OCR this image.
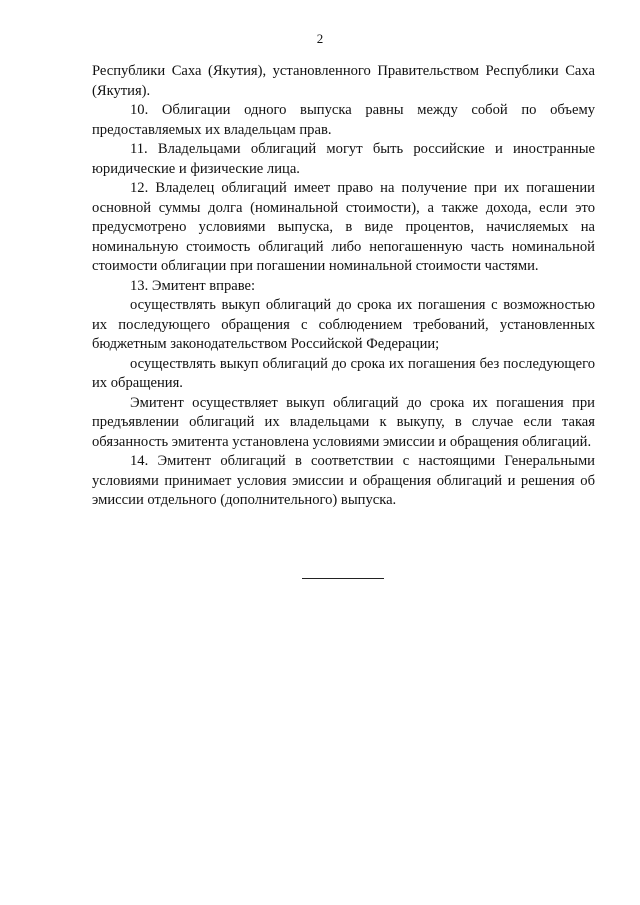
2

Республики Саха (Якутия), установленного Правительством Республики Саха (Якутия).

10. Облигации одного выпуска равны между собой по объему предоставляемых их владельцам прав.

11. Владельцами облигаций могут быть российские и иностранные юридические и физические лица.

12. Владелец облигаций имеет право на получение при их погашении основной суммы долга (номинальной стоимости), а также дохода, если это предусмотрено условиями выпуска, в виде процентов, начисляемых на номинальную стоимость облигаций либо непогашенную часть номинальной стоимости облигации при погашении номинальной стоимости частями.

13. Эмитент вправе:

осуществлять выкуп облигаций до срока их погашения с возможностью их последующего обращения с соблюдением требований, установленных бюджетным законодательством Российской Федерации;

осуществлять выкуп облигаций до срока их погашения без последующего их обращения.

Эмитент осуществляет выкуп облигаций до срока их погашения при предъявлении облигаций их владельцами к выкупу, в случае если такая обязанность эмитента установлена условиями эмиссии и обращения облигаций.

14. Эмитент облигаций в соответствии с настоящими Генеральными условиями принимает условия эмиссии и обращения облигаций и решения об эмиссии отдельного (дополнительного) выпуска.
